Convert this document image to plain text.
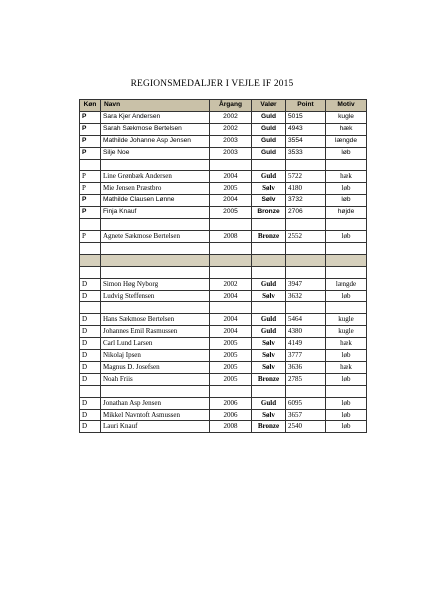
REGIONSMEDALJER I VEJLE IF 2015
Køn	Navn	Årgang	Valør	Point	Motiv
P	Sara Kjer Andersen	2002	Guld	5015	kugle
P	Sarah Sækmose Bertelsen	2002	Guld	4943	hæk
P	Mathilde Johanne Asp Jensen	2003	Guld	3554	længde
P	Silje Noe	2003	Guld	3533	løb

P	Line Grønbæk Andersen	2004	Guld	5722	hæk
P	Mie Jensen Præstbro	2005	Sølv	4180	løb
P	Mathilde Clausen Lønne	2004	Sølv	3732	løb
P	Finja Knauf	2005	Bronze	2706	højde

P	Agnete Sækmose Bertelsen	2008	Bronze	2552	løb

D	Simon Høg Nyborg	2002	Guld	3947	længde
D	Ludvig Steffensen	2004	Sølv	3632	løb

D	Hans Sækmose Bertelsen	2004	Guld	5464	kugle
D	Johannes Emil Rasmussen	2004	Guld	4380	kugle
D	Carl Lund Larsen	2005	Sølv	4149	hæk
D	Nikolaj Ipsen	2005	Sølv	3777	løb
D	Magnus D. Josefsen	2005	Sølv	3636	hæk
D	Noah Friis	2005	Bronze	2785	løb

D	Jonathan Asp Jensen	2006	Guld	6095	løb
D	Mikkel Navntoft Asmussen	2006	Sølv	3657	løb
D	Lauri Knauf	2008	Bronze	2540	løb
